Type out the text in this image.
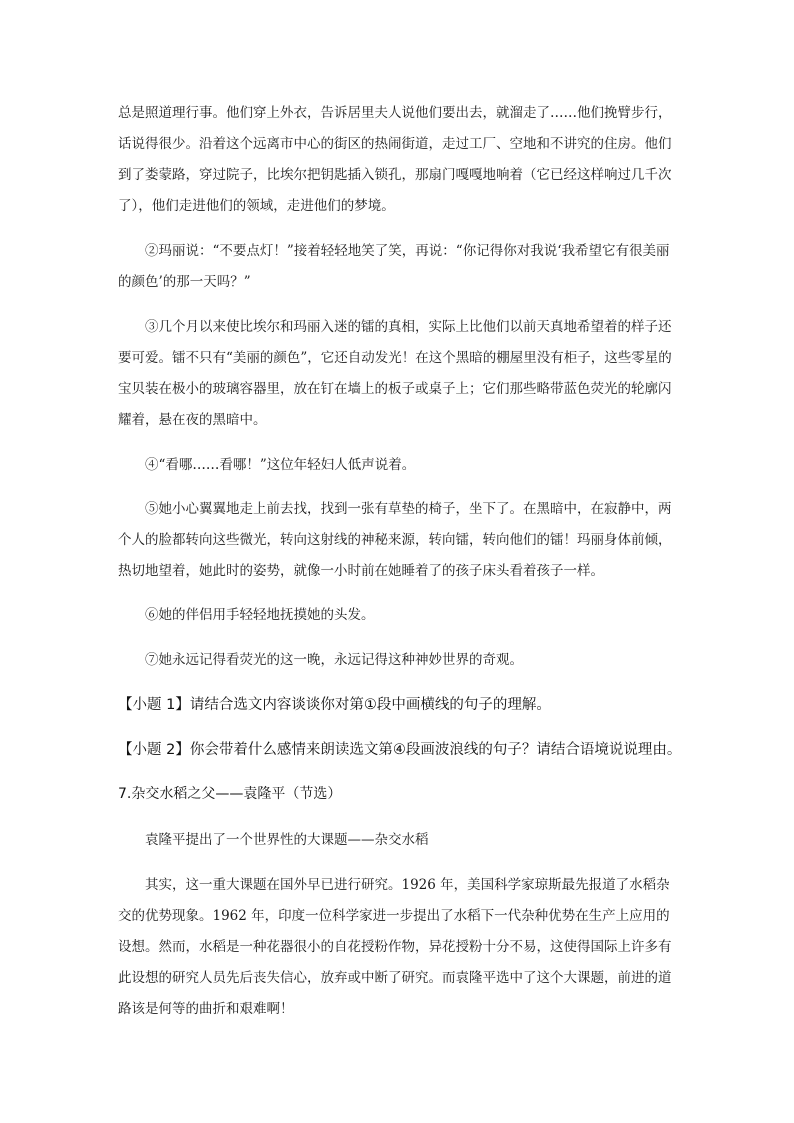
总是照道理行事。他们穿上外衣，告诉居里夫人说他们要出去，就溜走了……他们挽臂步行，话说得很少。沿着这个远离市中心的街区的热闹街道，走过工厂、空地和不讲究的住房。他们到了娄蒙路，穿过院子，比埃尔把钥匙插入锁孔，那扇门嘎嘎地响着（它已经这样响过几千次了），他们走进他们的领域，走进他们的梦境。

②玛丽说：“不要点灯！”接着轻轻地笑了笑，再说：“你记得你对我说‘我希望它有很美丽的颜色’的那一天吗？”

③几个月以来使比埃尔和玛丽入迷的镭的真相，实际上比他们以前天真地希望着的样子还要可爱。镭不只有“美丽的颜色”，它还自动发光！在这个黑暗的棚屋里没有柜子，这些零星的宝贝装在极小的玻璃容器里，放在钉在墙上的板子或桌子上；它们那些略带蓝色荧光的轮廓闪耀着，悬在夜的黑暗中。

④“看哪……看哪！”这位年轻妇人低声说着。

⑤她小心翼翼地走上前去找，找到一张有草垫的椅子，坐下了。在黑暗中，在寂静中，两个人的脸都转向这些微光，转向这射线的神秘来源，转向镭，转向他们的镭！玛丽身体前倾，热切地望着，她此时的姿势，就像一小时前在她睡着了的孩子床头看着孩子一样。

⑥她的伴侣用手轻轻地抚摸她的头发。

⑦她永远记得看荧光的这一晚，永远记得这种神妙世界的奇观。

【小题 1】请结合选文内容谈谈你对第①段中画横线的句子的理解。

【小题 2】你会带着什么感情来朗读选文第④段画波浪线的句子？请结合语境说说理由。

7.杂交水稻之父——袁隆平（节选）

袁隆平提出了一个世界性的大课题——杂交水稻

其实，这一重大课题在国外早已进行研究。1926 年，美国科学家琼斯最先报道了水稻杂交的优势现象。1962 年，印度一位科学家进一步提出了水稻下一代杂种优势在生产上应用的设想。然而，水稻是一种花器很小的自花授粉作物，异花授粉十分不易，这使得国际上许多有此设想的研究人员先后丧失信心，放弃或中断了研究。而袁隆平选中了这个大课题，前进的道路该是何等的曲折和艰难啊！
